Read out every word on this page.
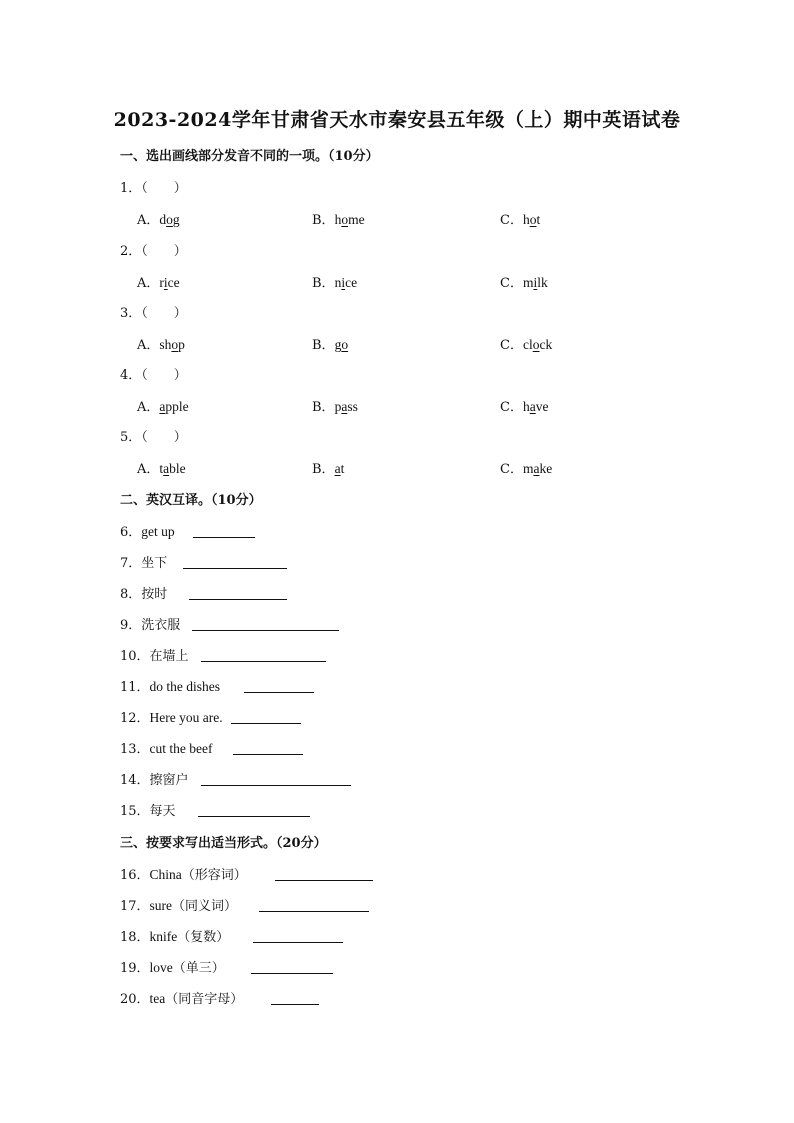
2023-2024学年甘肃省天水市秦安县五年级（上）期中英语试卷
一、选出画线部分发音不同的一项。（10分）
二、英汉互译。（10分）
三、按要求写出适当形式。（20分）
1．（　　）
A．dog	B．home	C．hot
2．（　　）
A．rice	B．nice	C．milk
3．（　　）
A．shop	B．go	C．clock
4．（　　）
A．apple	B．pass	C．have
5．（　　）
A．table	B．at	C．make
6．get up
7．坐下
8．按时
9．洗衣服
10．在墙上
11．do the dishes
12．Here you are.
13．cut the beef
14．擦窗户
15．每天
16．China（形容词）
17．sure（同义词）
18．knife（复数）
19．love（单三）
20．tea（同音字母）
